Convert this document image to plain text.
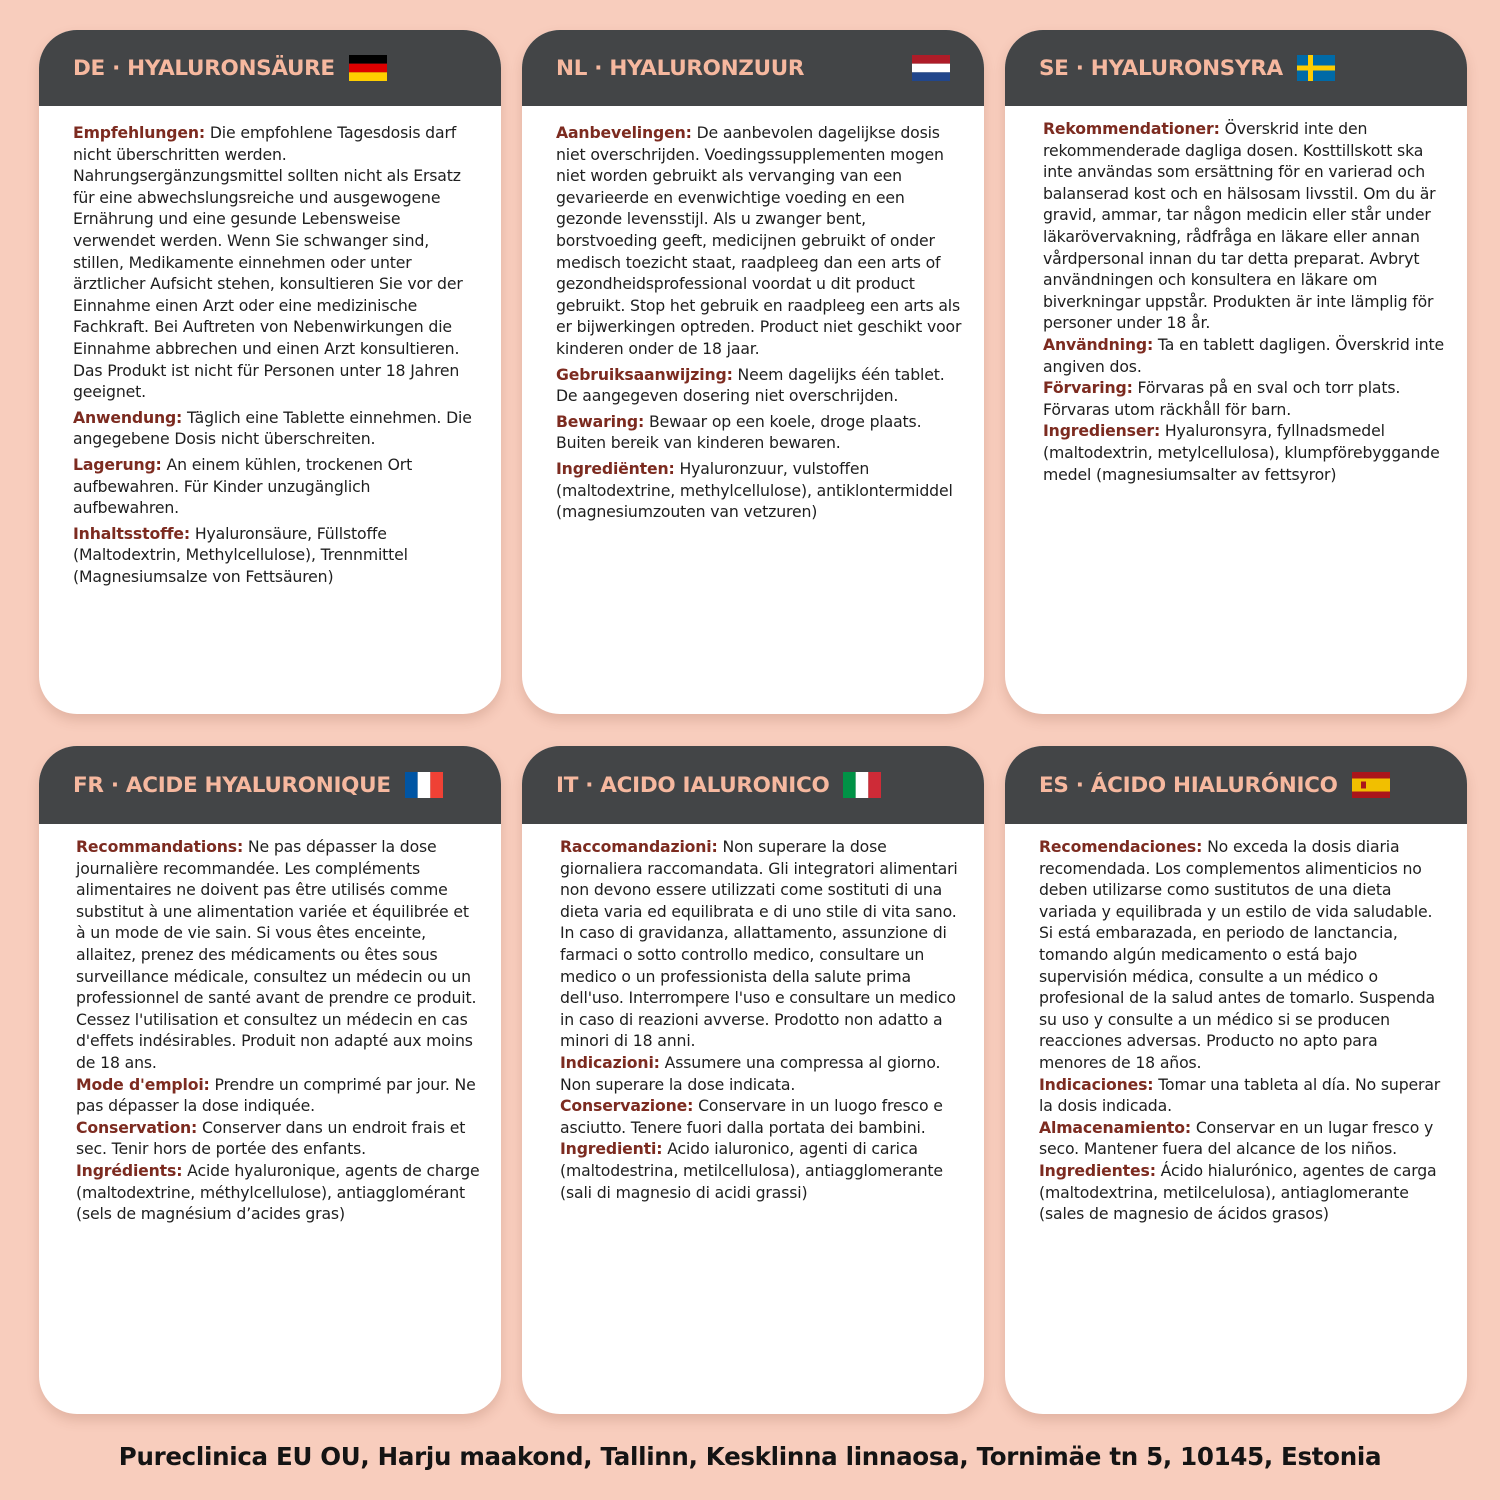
DE · HYALURONSÄURE

Empfehlungen: Die empfohlene Tagesdosis darf nicht überschritten werden. Nahrungsergänzungsmittel sollten nicht als Ersatz für eine abwechslungsreiche und ausgewogene Ernährung und eine gesunde Lebensweise verwendet werden. Wenn Sie schwanger sind, stillen, Medikamente einnehmen oder unter ärztlicher Aufsicht stehen, konsultieren Sie vor der Einnahme einen Arzt oder eine medizinische Fachkraft. Bei Auftreten von Nebenwirkungen die Einnahme abbrechen und einen Arzt konsultieren. Das Produkt ist nicht für Personen unter 18 Jahren geeignet.

Anwendung: Täglich eine Tablette einnehmen. Die angegebene Dosis nicht überschreiten.

Lagerung: An einem kühlen, trockenen Ort aufbewahren. Für Kinder unzugänglich aufbewahren.

Inhaltsstoffe: Hyaluronsäure, Füllstoffe (Maltodextrin, Methylcellulose), Trennmittel (Magnesiumsalze von Fettsäuren)

NL · HYALURONZUUR

Aanbevelingen: De aanbevolen dagelijkse dosis niet overschrijden. Voedingssupplementen mogen niet worden gebruikt als vervanging van een gevarieerde en evenwichtige voeding en een gezonde levensstijl. Als u zwanger bent, borstvoeding geeft, medicijnen gebruikt of onder medisch toezicht staat, raadpleeg dan een arts of gezondheidsprofessional voordat u dit product gebruikt. Stop het gebruik en raadpleeg een arts als er bijwerkingen optreden. Product niet geschikt voor kinderen onder de 18 jaar.

Gebruiksaanwijzing: Neem dagelijks één tablet. De aangegeven dosering niet overschrijden.

Bewaring: Bewaar op een koele, droge plaats. Buiten bereik van kinderen bewaren.

Ingrediënten: Hyaluronzuur, vulstoffen (maltodextrine, methylcellulose), antiklontermiddel (magnesiumzouten van vetzuren)

SE · HYALURONSYRA

Rekommendationer: Överskrid inte den rekommenderade dagliga dosen. Kosttillskott ska inte användas som ersättning för en varierad och balanserad kost och en hälsosam livsstil. Om du är gravid, ammar, tar någon medicin eller står under läkarövervakning, rådfråga en läkare eller annan vårdpersonal innan du tar detta preparat. Avbryt användningen och konsultera en läkare om biverkningar uppstår. Produkten är inte lämplig för personer under 18 år.

Användning: Ta en tablett dagligen. Överskrid inte angiven dos.

Förvaring: Förvaras på en sval och torr plats. Förvaras utom räckhåll för barn.

Ingredienser: Hyaluronsyra, fyllnadsmedel (maltodextrin, metylcellulosa), klumpförebyggande medel (magnesiumsalter av fettsyror)

FR · ACIDE HYALURONIQUE

Recommandations: Ne pas dépasser la dose journalière recommandée. Les compléments alimentaires ne doivent pas être utilisés comme substitut à une alimentation variée et équilibrée et à un mode de vie sain. Si vous êtes enceinte, allaitez, prenez des médicaments ou êtes sous surveillance médicale, consultez un médecin ou un professionnel de santé avant de prendre ce produit. Cessez l'utilisation et consultez un médecin en cas d'effets indésirables. Produit non adapté aux moins de 18 ans.

Mode d'emploi: Prendre un comprimé par jour. Ne pas dépasser la dose indiquée.

Conservation: Conserver dans un endroit frais et sec. Tenir hors de portée des enfants.

Ingrédients: Acide hyaluronique, agents de charge (maltodextrine, méthylcellulose), antiagglomérant (sels de magnésium d’acides gras)

IT · ACIDO IALURONICO

Raccomandazioni: Non superare la dose giornaliera raccomandata. Gli integratori alimentari non devono essere utilizzati come sostituti di una dieta varia ed equilibrata e di uno stile di vita sano. In caso di gravidanza, allattamento, assunzione di farmaci o sotto controllo medico, consultare un medico o un professionista della salute prima dell'uso. Interrompere l'uso e consultare un medico in caso di reazioni avverse. Prodotto non adatto a minori di 18 anni.

Indicazioni: Assumere una compressa al giorno. Non superare la dose indicata.

Conservazione: Conservare in un luogo fresco e asciutto. Tenere fuori dalla portata dei bambini.

Ingredienti: Acido ialuronico, agenti di carica (maltodestrina, metilcellulosa), antiagglomerante (sali di magnesio di acidi grassi)

ES · ÁCIDO HIALURÓNICO

Recomendaciones: No exceda la dosis diaria recomendada. Los complementos alimenticios no deben utilizarse como sustitutos de una dieta variada y equilibrada y un estilo de vida saludable. Si está embarazada, en periodo de lanctancia, tomando algún medicamento o está bajo supervisión médica, consulte a un médico o profesional de la salud antes de tomarlo. Suspenda su uso y consulte a un médico si se producen reacciones adversas. Producto no apto para menores de 18 años.

Indicaciones: Tomar una tableta al día. No superar la dosis indicada.

Almacenamiento: Conservar en un lugar fresco y seco. Mantener fuera del alcance de los niños.

Ingredientes: Ácido hialurónico, agentes de carga (maltodextrina, metilcelulosa), antiaglomerante (sales de magnesio de ácidos grasos)

Pureclinica EU OU, Harju maakond, Tallinn, Kesklinna linnaosa, Tornimäe tn 5, 10145, Estonia
